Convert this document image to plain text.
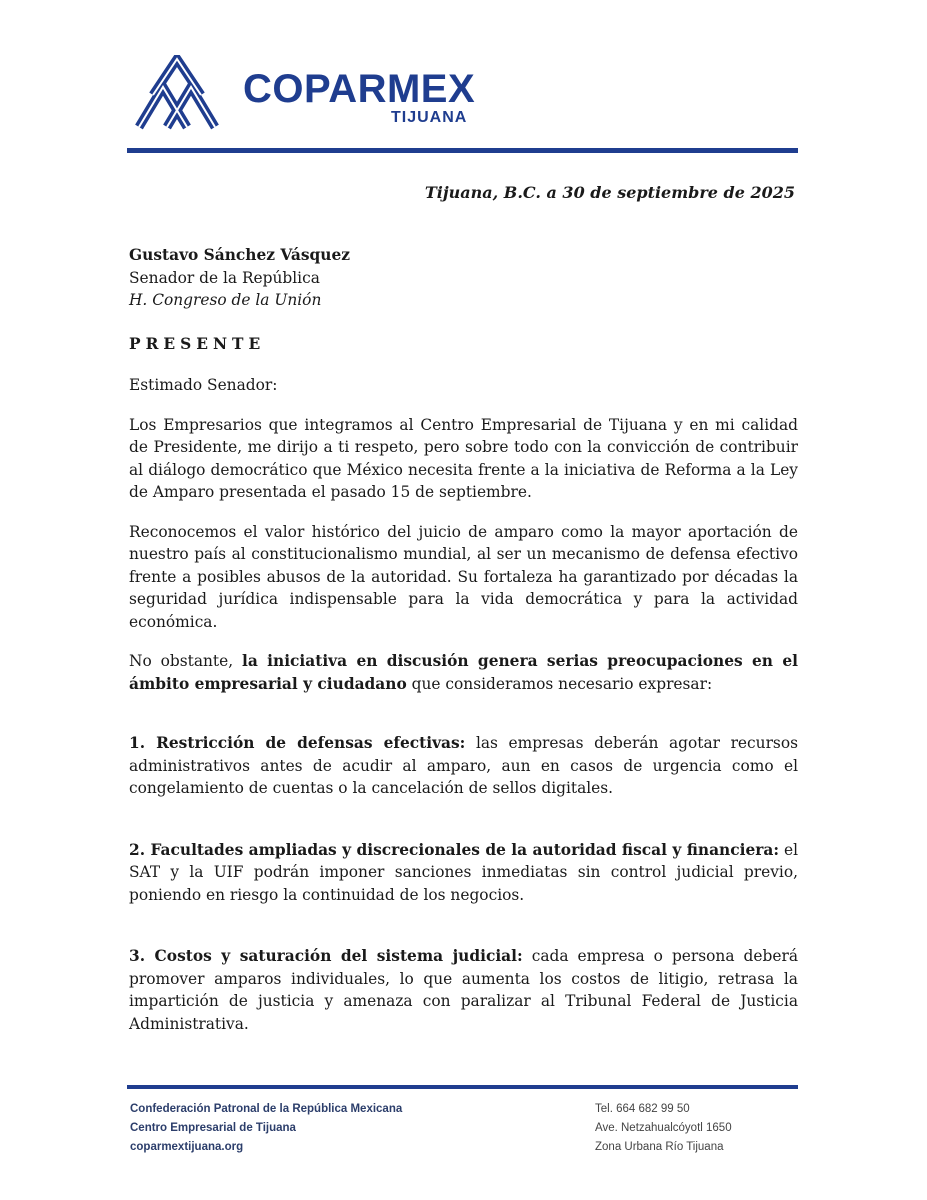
COPARMEX
TIJUANA
Tijuana, B.C. a 30 de septiembre de 2025

Gustavo Sánchez Vásquez

Senador de la República

H. Congreso de la Unión

PRESENTE

Estimado Senador:

Los Empresarios que integramos al Centro Empresarial de Tijuana y en mi calidad de Presidente, me dirijo a ti respeto, pero sobre todo con la convicción de contribuir al diálogo democrático que México necesita frente a la iniciativa de Reforma a la Ley de Amparo presentada el pasado 15 de septiembre.

Reconocemos el valor histórico del juicio de amparo como la mayor aportación de nuestro país al constitucionalismo mundial, al ser un mecanismo de defensa efectivo frente a posibles abusos de la autoridad. Su fortaleza ha garantizado por décadas la seguridad jurídica indispensable para la vida democrática y para la actividad económica.

No obstante, la iniciativa en discusión genera serias preocupaciones en el ámbito empresarial y ciudadano que consideramos necesario expresar:

1. Restricción de defensas efectivas: las empresas deberán agotar recursos administrativos antes de acudir al amparo, aun en casos de urgencia como el congelamiento de cuentas o la cancelación de sellos digitales.

2. Facultades ampliadas y discrecionales de la autoridad fiscal y financiera: el SAT y la UIF podrán imponer sanciones inmediatas sin control judicial previo, poniendo en riesgo la continuidad de los negocios.

3. Costos y saturación del sistema judicial: cada empresa o persona deberá promover amparos individuales, lo que aumenta los costos de litigio, retrasa la impartición de justicia y amenaza con paralizar al Tribunal Federal de Justicia Administrativa.

Confederación Patronal de la República Mexicana
Centro Empresarial de Tijuana
coparmextijuana.org
Tel. 664 682 99 50
Ave. Netzahualcóyotl 1650
Zona Urbana Río Tijuana
